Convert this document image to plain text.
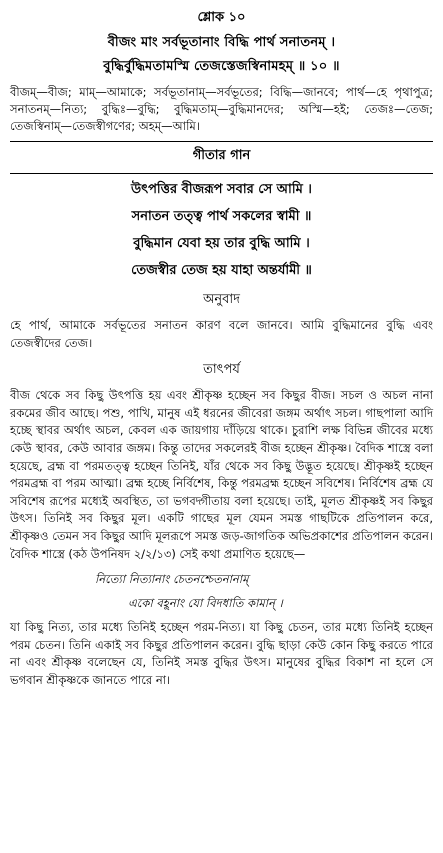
শ্লোক ১০
বীজং মাং সর্বভূতানাং বিদ্ধি পার্থ সনাতনম্ ।
বুদ্ধির্বুদ্ধিমতামস্মি তেজস্তেজস্বিনামহম্ ॥ ১০ ॥
বীজম্—বীজ; মাম্—আমাকে; সর্বভূতানাম্—সর্বভূতের; বিদ্ধি—জানবে; পার্থ—হে পৃথাপুত্র; সনাতনম্—নিত্য; বুদ্ধিঃ—বুদ্ধি; বুদ্ধিমতাম্—বুদ্ধিমানদের; অস্মি—হই; তেজঃ—তেজ; তেজস্বিনাম্—তেজস্বীগণের; অহম্—আমি।
গীতার গান
উৎপত্তির বীজরূপ সবার সে আমি ।
সনাতন তত্ত্ব পার্থ সকলের স্বামী ॥
বুদ্ধিমান যেবা হয় তার বুদ্ধি আমি ।
তেজস্বীর তেজ হয় যাহা অন্তর্যামী ॥
অনুবাদ
হে পার্থ, আমাকে সর্বভূতের সনাতন কারণ বলে জানবে। আমি বুদ্ধিমানের বুদ্ধি এবং তেজস্বীদের তেজ।
তাৎপর্য
বীজ থেকে সব কিছু উৎপত্তি হয় এবং শ্রীকৃষ্ণ হচ্ছেন সব কিছুর বীজ। সচল ও অচল নানা রকমের জীব আছে। পশু, পাখি, মানুষ এই ধরনের জীবেরা জঙ্গম অর্থাৎ সচল। গাছপালা আদি হচ্ছে স্থাবর অর্থাৎ অচল, কেবল এক জায়গায় দাঁড়িয়ে থাকে। চুরাশি লক্ষ বিভিন্ন জীবের মধ্যে কেউ স্থাবর, কেউ আবার জঙ্গম। কিন্তু তাদের সকলেরই বীজ হচ্ছেন শ্রীকৃষ্ণ। বৈদিক শাস্ত্রে বলা হয়েছে, ব্রহ্ম বা পরমতত্ত্ব হচ্ছেন তিনিই, যাঁর থেকে সব কিছু উদ্ভূত হয়েছে। শ্রীকৃষ্ণই হচ্ছেন পরমব্রহ্ম বা পরম আত্মা। ব্রহ্ম হচ্ছে নির্বিশেষ, কিন্তু পরমব্রহ্ম হচ্ছেন সবিশেষ। নির্বিশেষ ব্রহ্ম যে সবিশেষ রূপের মধ্যেই অবস্থিত, তা ভগবদ্গীতায় বলা হয়েছে। তাই, মূলত শ্রীকৃষ্ণই সব কিছুর উৎস। তিনিই সব কিছুর মূল। একটি গাছের মূল যেমন সমস্ত গাছটিকে প্রতিপালন করে, শ্রীকৃষ্ণও তেমন সব কিছুর আদি মূলরূপে সমস্ত জড়-জাগতিক অভিপ্রকাশের প্রতিপালন করেন। বৈদিক শাস্ত্রে (কঠ উপনিষদ ২/২/১৩) সেই কথা প্রমাণিত হয়েছে—
নিত্যো নিত্যানাং চেতনশ্চেতনানাম্
একো বহূনাং যো বিদধাতি কামান্ ।
যা কিছু নিত্য, তার মধ্যে তিনিই হচ্ছেন পরম-নিত্য। যা কিছু চেতন, তার মধ্যে তিনিই হচ্ছেন পরম চেতন। তিনি একাই সব কিছুর প্রতিপালন করেন। বুদ্ধি ছাড়া কেউ কোন কিছু করতে পারে না এবং শ্রীকৃষ্ণ বলেছেন যে, তিনিই সমস্ত বুদ্ধির উৎস। মানুষের বুদ্ধির বিকাশ না হলে সে ভগবান শ্রীকৃষ্ণকে জানতে পারে না।
